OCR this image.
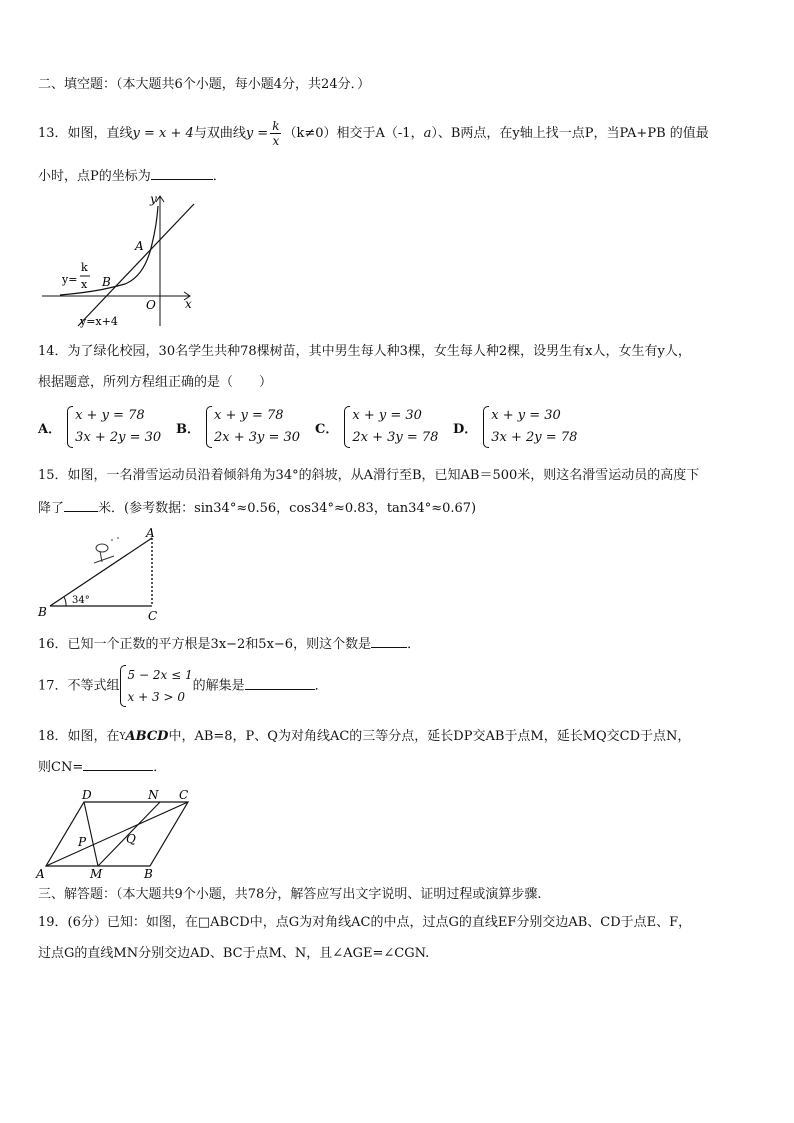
二、填空题：（本大题共6个小题，每小题4分，共24分．）
13．如图，直线y = x + 4与双曲线$y = \frac{k}{x} (k\ne 0)$相交于A（-1，a）、B两点，在y轴上找一点P，当PA+PB 的值最
小时，点P的坐标为	．
y
x
A
B
O
y=
k
x
y=x+4
14．为了绿化校园，30名学生共种78棵树苗，其中男生每人种3棵，女生每人种2棵，设男生有x人，女生有y人，
根据题意，所列方程组正确的是（　　）
A．
x + y = 78
3x + 2y = 30
B．
x + y = 78
2x + 3y = 30
C．
x + y = 30
2x + 3y = 78
D．
x + y = 30
3x + 2y = 78
15．如图，一名滑雪运动员沿着倾斜角为34°的斜坡，从A滑行至B，已知AB＝500米，则这名滑雪运动员的高度下
降了	米．(参考数据：sin34°≈0.56，cos34°≈0.83，tan34°≈0.67)
A
B	C
34°
16．已知一个正数的平方根是3x−2和5x−6，则这个数是	．
17．不等式组
5 − 2x ≤ 1
x + 3 > 0
的解集是	．
18．如图，在$^Y$ABCD中，AB=8，P、Q为对角线AC的三等分点，延长DP交AB于点M，延长MQ交CD于点N，
则CN=	．
D	N C
P	Q
A	M	B
三、解答题：（本大题共9个小题，共78分，解答应写出文字说明、证明过程或演算步骤.
19．(6分）已知：如图，在□ABCD中，点G为对角线AC的中点，过点G的直线EF分别交边AB、CD于点E、F，
过点G的直线MN分别交边AD、BC于点M、N，且∠AGE=∠CGN.
